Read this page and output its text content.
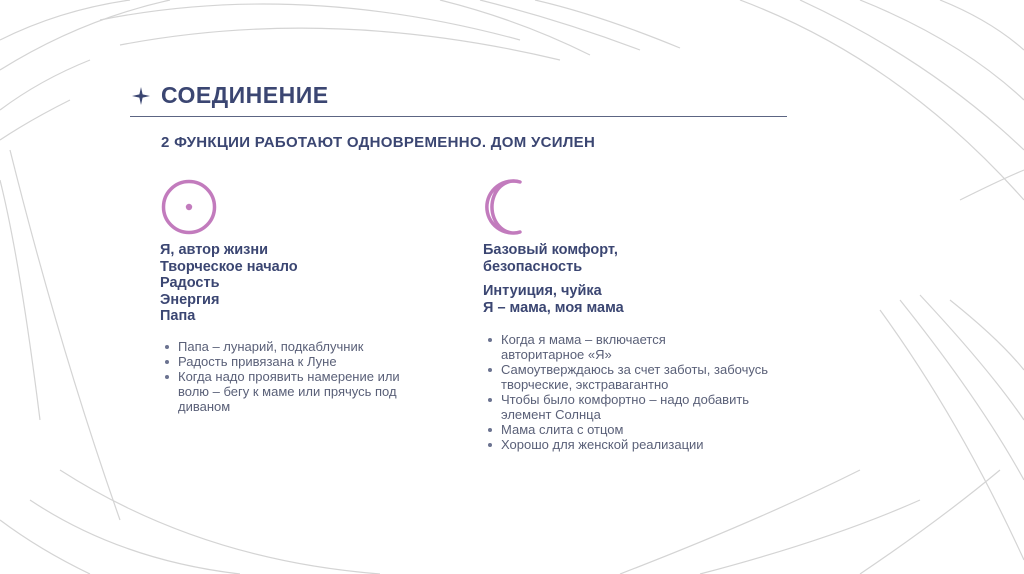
СОЕДИНЕНИЕ
2 ФУНКЦИИ РАБОТАЮТ ОДНОВРЕМЕННО. ДОМ УСИЛЕН
Я, автор жизни
Творческое начало
Радость
Энергия
Папа
Папа – лунарий, подкаблучник
Радость привязана к Луне
Когда надо проявить намерение или волю – бегу к маме или прячусь под диваном
Базовый комфорт,
безопасность
Интуиция, чуйка
Я – мама, моя мама
Когда я мама – включается авторитарное «Я»
Самоутверждаюсь за счет заботы, забочусь творческие, экстравагантно
Чтобы было комфортно – надо добавить элемент Солнца
Мама слита с отцом
Хорошо для женской реализации
